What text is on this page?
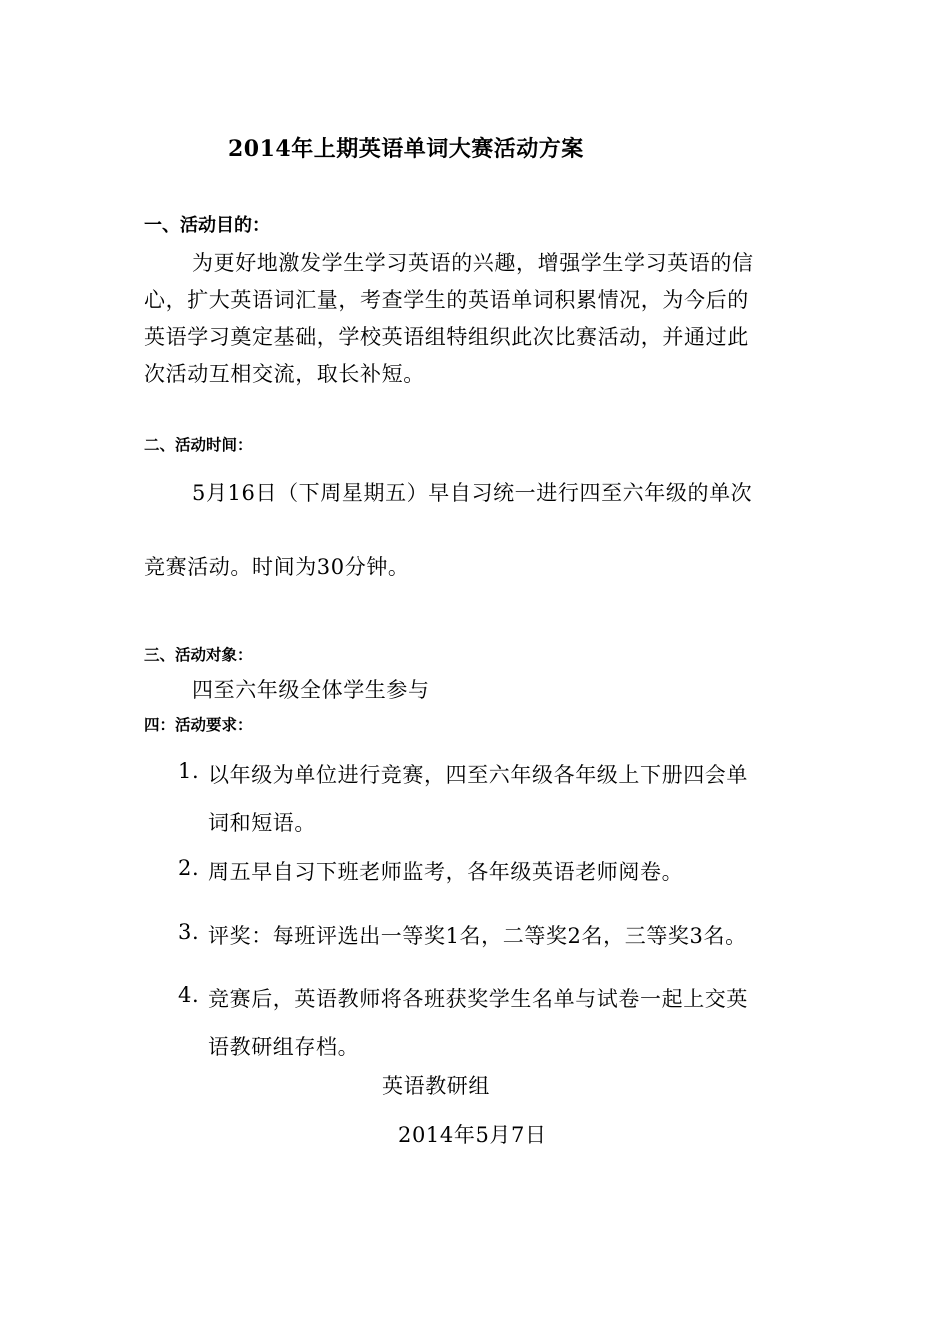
2014年上期英语单词大赛活动方案
一、活动目的：
为更好地激发学生学习英语的兴趣，增强学生学习英语的信
心，扩大英语词汇量，考查学生的英语单词积累情况，为今后的
英语学习奠定基础，学校英语组特组织此次比赛活动，并通过此
次活动互相交流，取长补短。
二、活动时间：
5月16日（下周星期五）早自习统一进行四至六年级的单次
竞赛活动。时间为30分钟。
三、活动对象：
四至六年级全体学生参与
四：活动要求：
1. 以年级为单位进行竞赛，四至六年级各年级上下册四会单
词和短语。
2. 周五早自习下班老师监考，各年级英语老师阅卷。
3. 评奖：每班评选出一等奖1名，二等奖2名，三等奖3名。
4. 竞赛后，英语教师将各班获奖学生名单与试卷一起上交英
语教研组存档。
英语教研组
2014年5月7日
